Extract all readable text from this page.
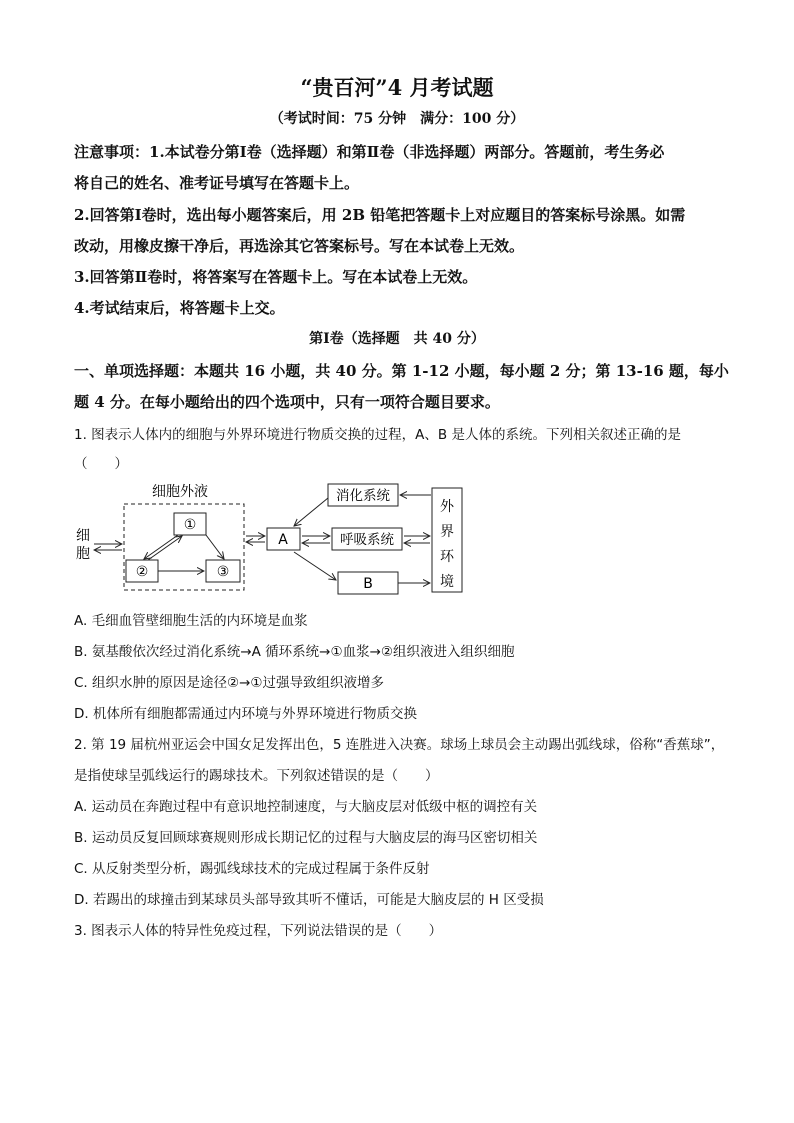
“贵百河”4 月考试题
（考试时间：75 分钟　满分：100 分）
注意事项：1.本试卷分第Ⅰ卷（选择题）和第Ⅱ卷（非选择题）两部分。答题前，考生务必
将自己的姓名、准考证号填写在答题卡上。
2.回答第Ⅰ卷时，选出每小题答案后，用 2B 铅笔把答题卡上对应题目的答案标号涂黑。如需
改动，用橡皮擦干净后，再选涂其它答案标号。写在本试卷上无效。
3.回答第Ⅱ卷时，将答案写在答题卡上。写在本试卷上无效。
4.考试结束后，将答题卡上交。
第Ⅰ卷（选择题　共 40 分）
一、单项选择题：本题共 16 小题，共 40 分。第 1-12 小题，每小题 2 分；第 13-16 题，每小
题 4 分。在每小题给出的四个选项中，只有一项符合题目要求。
1. 图表示人体内的细胞与外界环境进行物质交换的过程，A、B 是人体的系统。下列相关叙述正确的是
（　　）
细胞外液
①
②	③
细
胞
A
消化系统
呼吸系统
B
外
界
环
境
A. 毛细血管壁细胞生活的内环境是血浆
B. 氨基酸依次经过消化系统→A 循环系统→①血浆→②组织液进入组织细胞
C. 组织水肿的原因是途径②→①过强导致组织液增多
D. 机体所有细胞都需通过内环境与外界环境进行物质交换
2. 第 19 届杭州亚运会中国女足发挥出色，5 连胜进入决赛。球场上球员会主动踢出弧线球，俗称“香蕉球”，
是指使球呈弧线运行的踢球技术。下列叙述错误的是（　　）
A. 运动员在奔跑过程中有意识地控制速度，与大脑皮层对低级中枢的调控有关
B. 运动员反复回顾球赛规则形成长期记忆的过程与大脑皮层的海马区密切相关
C. 从反射类型分析，踢弧线球技术的完成过程属于条件反射
D. 若踢出的球撞击到某球员头部导致其听不懂话，可能是大脑皮层的 H 区受损
3. 图表示人体的特异性免疫过程，下列说法错误的是（　　）
